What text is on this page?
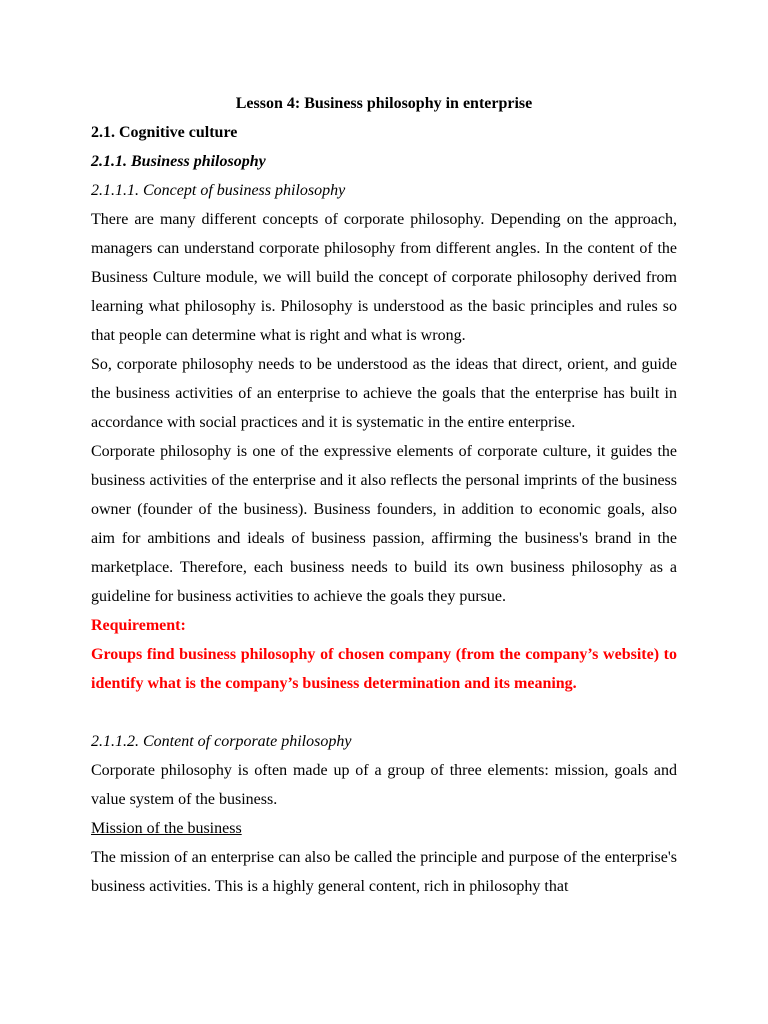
Lesson 4: Business philosophy in enterprise

2.1. Cognitive culture

2.1.1. Business philosophy

2.1.1.1. Concept of business philosophy

There are many different concepts of corporate philosophy. Depending on the approach, managers can understand corporate philosophy from different angles. In the content of the Business Culture module, we will build the concept of corporate philosophy derived from learning what philosophy is. Philosophy is understood as the basic principles and rules so that people can determine what is right and what is wrong.

So, corporate philosophy needs to be understood as the ideas that direct, orient, and guide the business activities of an enterprise to achieve the goals that the enterprise has built in accordance with social practices and it is systematic in the entire enterprise.

Corporate philosophy is one of the expressive elements of corporate culture, it guides the business activities of the enterprise and it also reflects the personal imprints of the business owner (founder of the business). Business founders, in addition to economic goals, also aim for ambitions and ideals of business passion, affirming the business's brand in the marketplace. Therefore, each business needs to build its own business philosophy as a guideline for business activities to achieve the goals they pursue.

Requirement:

Groups find business philosophy of chosen company (from the company’s website) to identify what is the company’s business determination and its meaning.

2.1.1.2. Content of corporate philosophy

Corporate philosophy is often made up of a group of three elements: mission, goals and value system of the business.

Mission of the business

The mission of an enterprise can also be called the principle and purpose of the enterprise's business activities. This is a highly general content, rich in philosophy that
